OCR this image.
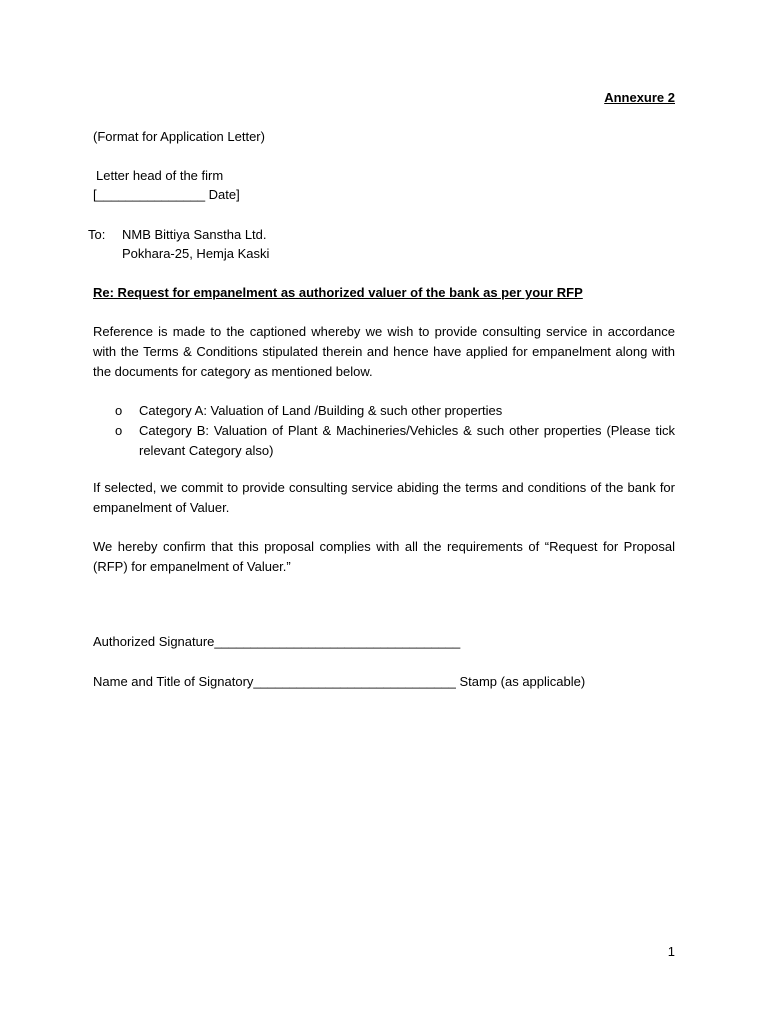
Annexure 2
(Format for Application Letter)
Letter head of the firm
[_______________ Date]
To: NMB Bittiya Sanstha Ltd.
Pokhara-25, Hemja Kaski
Re: Request for empanelment as authorized valuer of the bank as per your RFP

Reference is made to the captioned whereby we wish to provide consulting service in accordance with the Terms & Conditions stipulated therein and hence have applied for empanelment along with the documents for category as mentioned below.

o Category A: Valuation of Land /Building & such other properties
o Category B: Valuation of Plant & Machineries/Vehicles & such other properties (Please tick relevant Category also)

If selected, we commit to provide consulting service abiding the terms and conditions of the bank for empanelment of Valuer.

We hereby confirm that this proposal complies with all the requirements of “Request for Proposal (RFP) for empanelment of Valuer.”

Authorized Signature__________________________________
Name and Title of Signatory____________________________ Stamp (as applicable)
1
